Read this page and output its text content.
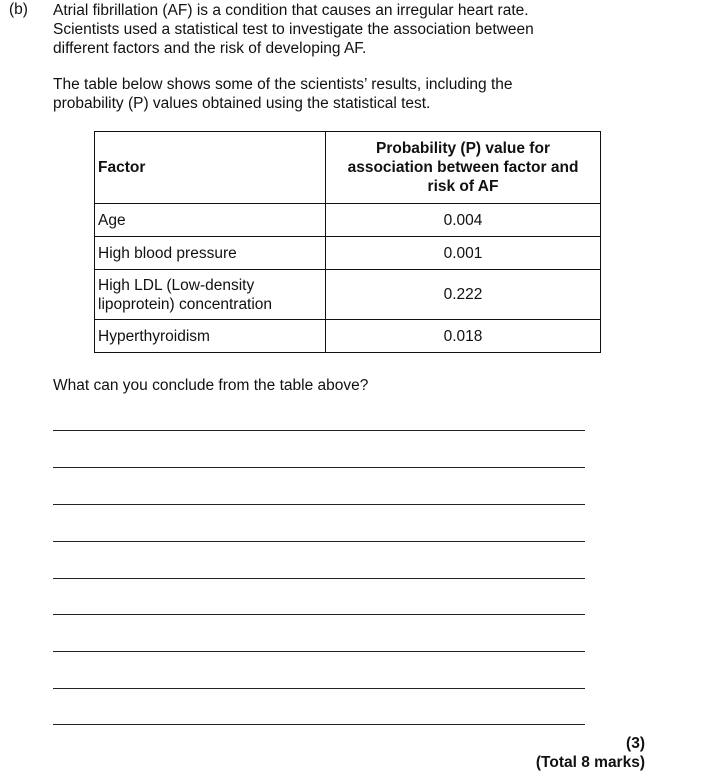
(b) Atrial fibrillation (AF) is a condition that causes an irregular heart rate.
Scientists used a statistical test to investigate the association between
different factors and the risk of developing AF.
The table below shows some of the scientists’ results, including the
probability (P) values obtained using the statistical test.
Factor	Probability (P) value for
association between factor and
risk of AF

Age	0.004

High blood pressure	0.001

High LDL (Low-density
lipoprotein) concentration	0.222

Hyperthyroidism	0.018
What can you conclude from the table above?
(3)
(Total 8 marks)
